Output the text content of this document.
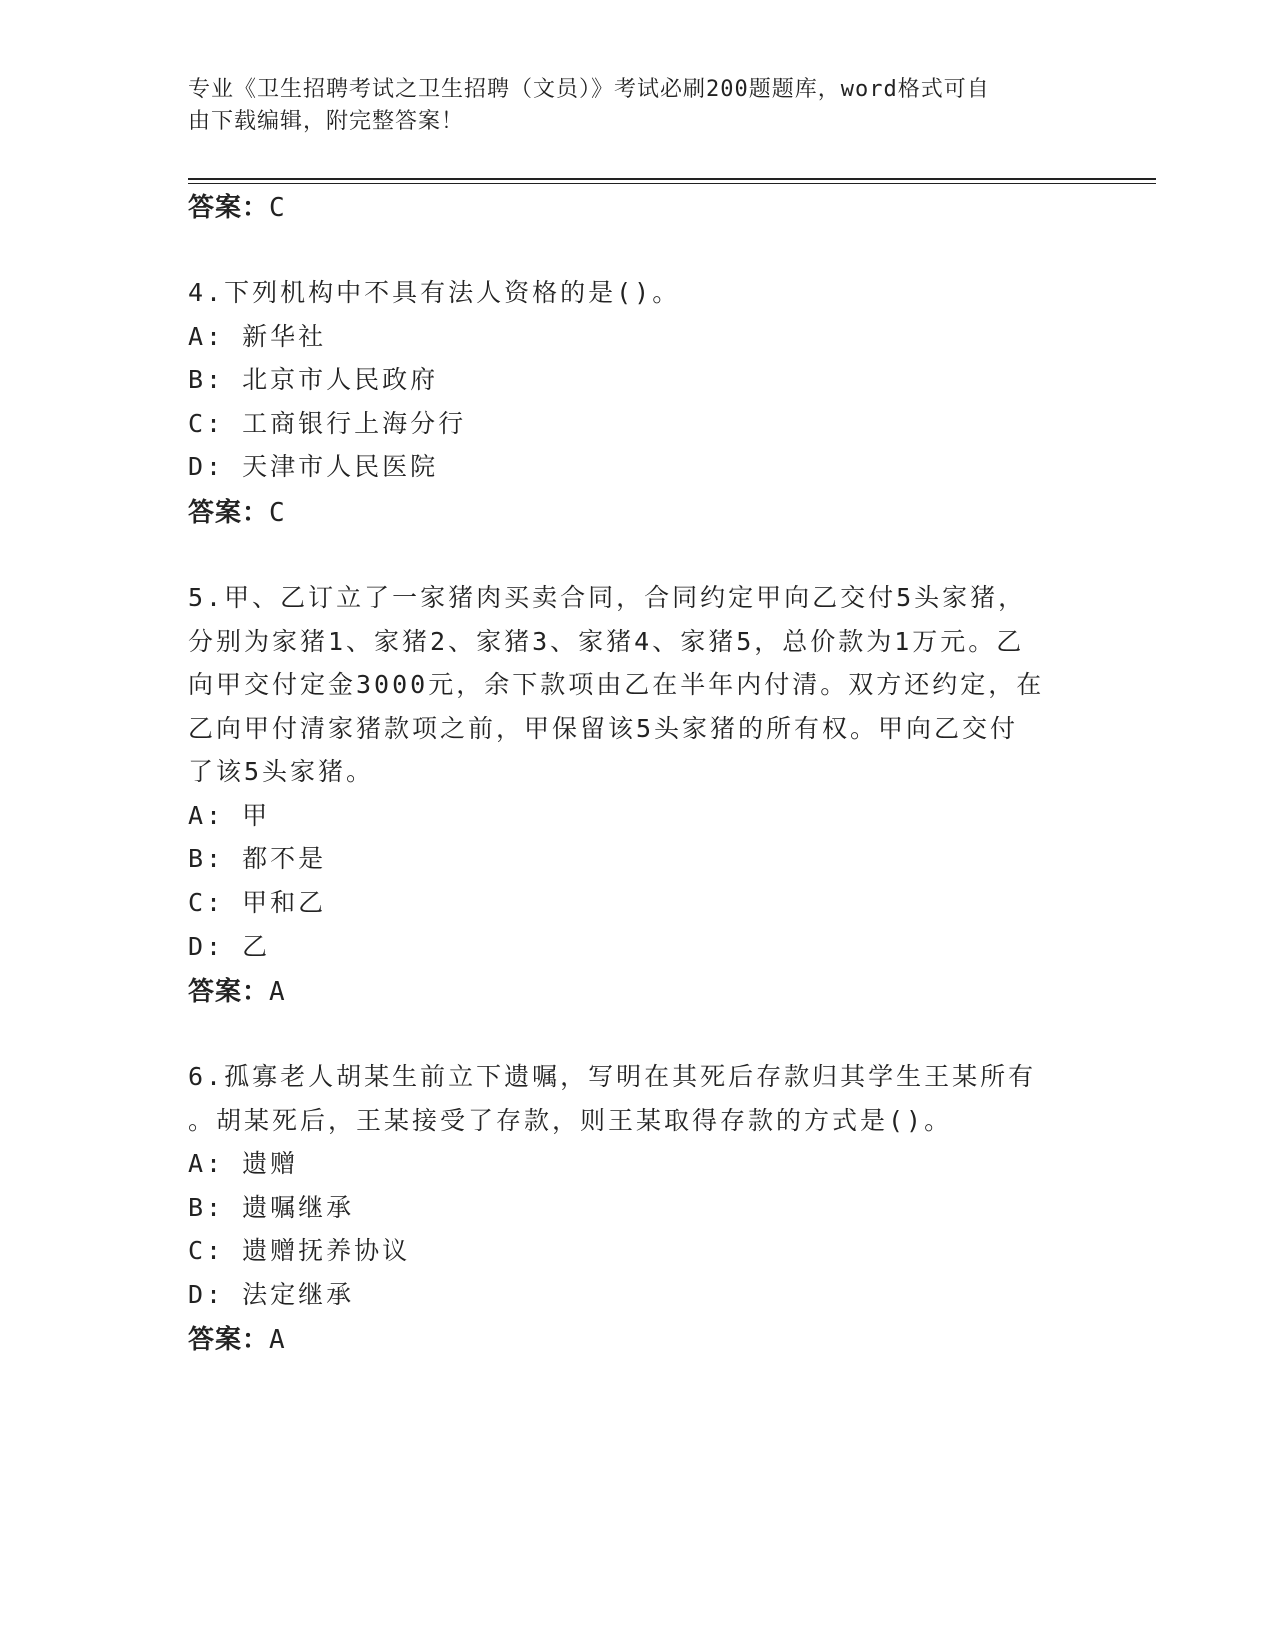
专业《卫生招聘考试之卫生招聘（文员）》考试必刷200题题库，word格式可自
由下载编辑，附完整答案！
答案：C
4.下列机构中不具有法人资格的是()。
A: 新华社
B: 北京市人民政府
C: 工商银行上海分行
D: 天津市人民医院
答案：C
5.甲、乙订立了一家猪肉买卖合同，合同约定甲向乙交付5头家猪，
分别为家猪1、家猪2、家猪3、家猪4、家猪5，总价款为1万元。乙
向甲交付定金3000元，余下款项由乙在半年内付清。双方还约定，在
乙向甲付清家猪款项之前，甲保留该5头家猪的所有权。甲向乙交付
了该5头家猪。
A: 甲
B: 都不是
C: 甲和乙
D: 乙
答案：A
6.孤寡老人胡某生前立下遗嘱，写明在其死后存款归其学生王某所有
。胡某死后，王某接受了存款，则王某取得存款的方式是()。
A: 遗赠
B: 遗嘱继承
C: 遗赠抚养协议
D: 法定继承
答案：A
